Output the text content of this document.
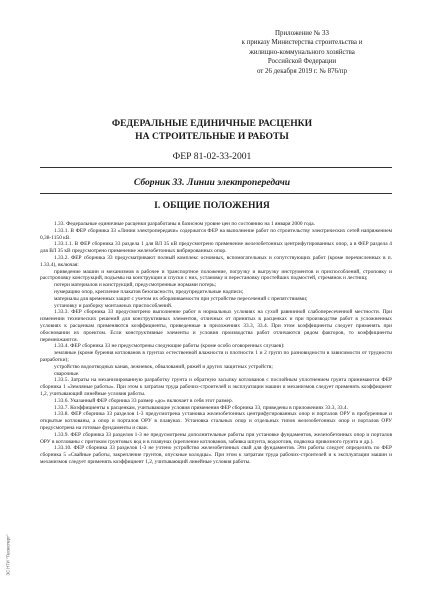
Приложение № 33
к приказу Министерства строительства и
жилищно-коммунального хозяйства
Российской Федерации
от 26 декабря 2019 г. № 876/пр
ФЕДЕРАЛЬНЫЕ ЕДИНИЧНЫЕ РАСЦЕНКИ
НА СТРОИТЕЛЬНЫЕ И РАБОТЫ
ФЕР 81-02-33-2001
Сборник 33. Линии электропередачи
I. ОБЩИЕ ПОЛОЖЕНИЯ

1.33. Федеральные единичные расценки разработаны в базисном уровне цен по состоянию на 1 января 2000 года.

1.33.1. В ФЕР сборника 33 «Линии электропередачи» содержатся ФЕР на выполнение работ по строительству электрических сетей напряжением 0,38-1150 кВ.

1.33.1.1. В ФЕР сборника 33 раздела 1 для ВЛ 35 кВ предусмотрено применение железобетонных центрифугированных опор, а в ФЕР раздела 4 для ВЛ 35 кВ предусмотрено применение железобетонных вибрированных опор.

1.33.2. ФЕР сборника 33 предусматривают полный комплекс основных, вспомогательных и сопутствующих работ (кроме перечисленных в п. 1.33.4), включая:

приведение машин и механизмов в рабочее и транспортное положение, погрузку и выгрузку инструментов и приспособлений, строповку и расстроповку конструкций, подъемы на конструкции и спуски с них, установку и перестановку простейших подмостей, стремянок и лестниц;

потери материалов и конструкций, предусмотренные нормами потерь;

нумерацию опор, крепление плакатов безопасности, предупредительные надписи;

материалы для временных защит с учетом их оборачиваемости при устройстве пересечений с препятствиями;

установку и разборку монтажных приспособлений.

1.33.3. ФЕР сборника 33 предусмотрено выполнение работ в нормальных условиях на сухой равнинной слабопересеченной местности. При изменении технических решений для конструктивных элементов, отличных от принятых в расценках и при производстве работ в усложненных условиях к расценкам применяются коэффициенты, приведенные в приложениях 33.3, 33.4. При этом коэффициенты следует применять при обосновании их проектом. Если конструктивные элементы и условия производства работ отличаются рядом факторов, то коэффициенты перемножаются.

1.33.4. ФЕР сборника 33 не предусмотрены следующие работы (кроме особо оговоренных случаев):

земляные (кроме бурения котлованов в грунтах естественной влажности и плотности 1 и 2 групп по разновидности в зависимости от трудности разработки);

устройство водоотводных канав, лежневок, обвалований, ряжей и других защитных устройств;

сварочные.

1.33.5. Затраты на механизированную разработку грунта и обратную засыпку котлованов с послойным уплотнением грунта принимаются ФЕР сборника 1 «Земляные работы». При этом к затратам труда рабочих-строителей и эксплуатации машин и механизмов следует применять коэффициент 1,2, учитывающий линейные условия работы.

1.33.6. Указанный ФЕР сборника 33 размер «до» включает в себя этот размер.

1.33.7. Коэффициенты к расценкам, учитывающие условия применения ФЕР сборника 33, приведены в приложениях 33.3, 33.4.

1.33.8. ФЕР сборника 33 разделов 1-3 предусмотрена установка железобетонных центрифугированных опор и порталов ОРУ в пробуренные и открытые котлованы, а опор и порталов ОРУ в плавунах. Установка стальных опор и отдельных типов железобетонных опор и порталов ОРУ предусмотрена на готовые фундаменты и сваи.

1.33.9. ФЕР сборника 33 разделов 1-3 не предусмотрены дополнительные работы при установке фундаментов, железобетонных опор и порталов ОРУ в котлованы с притоком грунтовых вод и в плавунах (крепление котлованов, забивка шпунта, водоотлив, подвозка привозного грунта и др.).

1.33.10. ФЕР сборника 33 разделов 1-3 не учтено устройство железобетонных свай для фундаментов. Эти работы следует определять по ФЕР сборника 5 «Свайные работы, закрепление грунтов, опускные колодцы». При этом к затратам труда рабочих-строителей и к эксплуатации машин и механизмов следует применять коэффициент 1,2, учитывающий линейные условия работы.

ЗС НТИ "Техэксперт"
